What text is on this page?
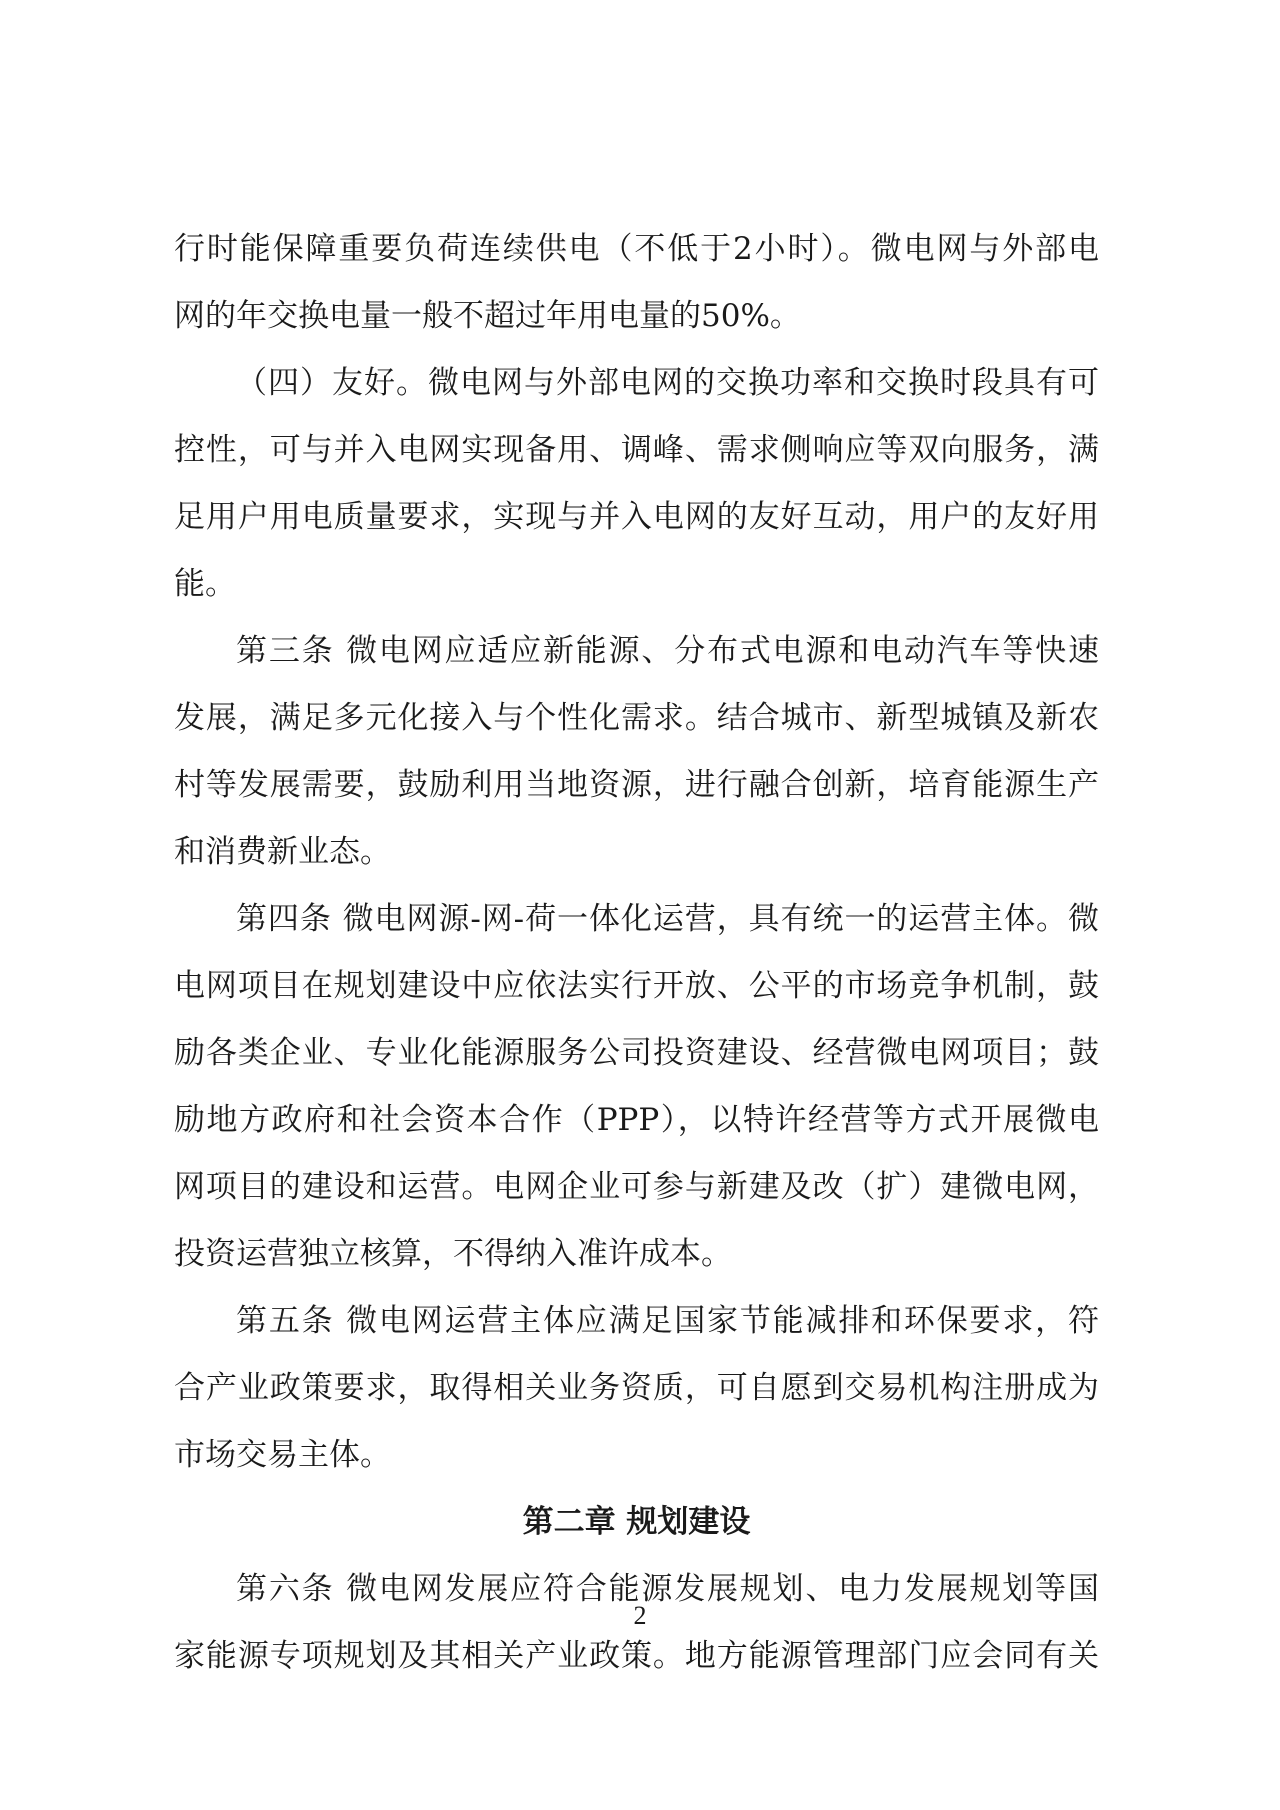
行时能保障重要负荷连续供电（不低于2小时）。微电网与外部电
网的年交换电量一般不超过年用电量的50%。
（四）友好。微电网与外部电网的交换功率和交换时段具有可
控性，可与并入电网实现备用、调峰、需求侧响应等双向服务，满
足用户用电质量要求，实现与并入电网的友好互动，用户的友好用
能。
第三条 微电网应适应新能源、分布式电源和电动汽车等快速
发展，满足多元化接入与个性化需求。结合城市、新型城镇及新农
村等发展需要，鼓励利用当地资源，进行融合创新，培育能源生产
和消费新业态。
第四条 微电网源-网-荷一体化运营，具有统一的运营主体。微
电网项目在规划建设中应依法实行开放、公平的市场竞争机制，鼓
励各类企业、专业化能源服务公司投资建设、经营微电网项目；鼓
励地方政府和社会资本合作（PPP），以特许经营等方式开展微电
网项目的建设和运营。电网企业可参与新建及改（扩）建微电网，
投资运营独立核算，不得纳入准许成本。
第五条 微电网运营主体应满足国家节能减排和环保要求，符
合产业政策要求，取得相关业务资质，可自愿到交易机构注册成为
市场交易主体。
第二章 规划建设
第六条 微电网发展应符合能源发展规划、电力发展规划等国
家能源专项规划及其相关产业政策。地方能源管理部门应会同有关
2
